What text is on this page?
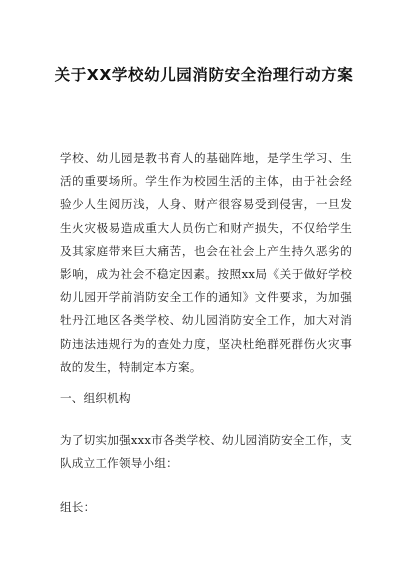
关于XX学校幼儿园消防安全治理行动方案
学校、幼儿园是教书育人的基础阵地，是学生学习、生活的重要场所。学生作为校园生活的主体，由于社会经验少人生阅历浅，人身、财产很容易受到侵害，一旦发生火灾极易造成重大人员伤亡和财产损失，不仅给学生及其家庭带来巨大痛苦，也会在社会上产生持久恶劣的影响，成为社会不稳定因素。按照xx局《关于做好学校幼儿园开学前消防安全工作的通知》文件要求，为加强牡丹江地区各类学校、幼儿园消防安全工作，加大对消防违法违规行为的查处力度，坚决杜绝群死群伤火灾事故的发生，特制定本方案。
一、组织机构
为了切实加强xxx市各类学校、幼儿园消防安全工作，支队成立工作领导小组：
组长：
